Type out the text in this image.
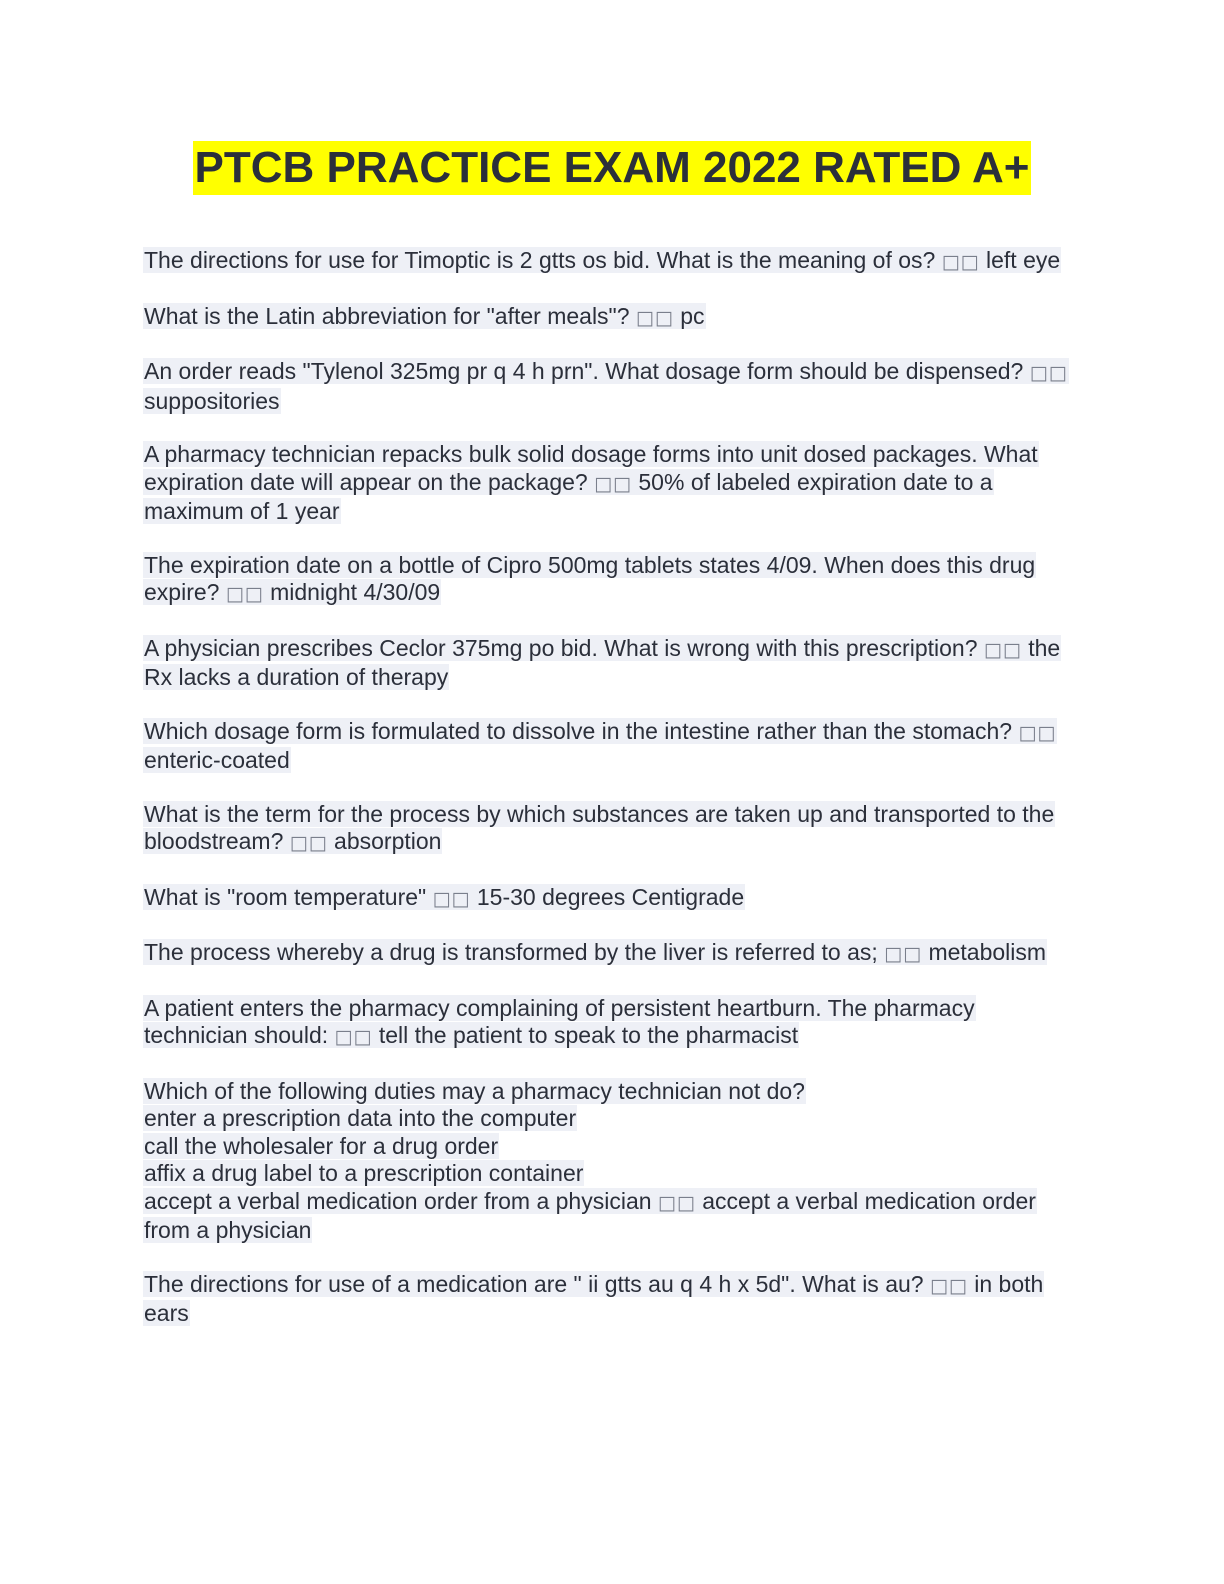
PTCB PRACTICE EXAM 2022 RATED A+
The directions for use for Timoptic is 2 gtts os bid. What is the meaning of os? □□ left eye
What is the Latin abbreviation for "after meals"? □□ pc
An order reads "Tylenol 325mg pr q 4 h prn". What dosage form should be dispensed? □□ suppositories
A pharmacy technician repacks bulk solid dosage forms into unit dosed packages. What expiration date will appear on the package? □□ 50% of labeled expiration date to a maximum of 1 year
The expiration date on a bottle of Cipro 500mg tablets states 4/09. When does this drug expire? □□ midnight 4/30/09
A physician prescribes Ceclor 375mg po bid. What is wrong with this prescription? □□ the Rx lacks a duration of therapy
Which dosage form is formulated to dissolve in the intestine rather than the stomach? □□ enteric-coated
What is the term for the process by which substances are taken up and transported to the bloodstream? □□ absorption
What is "room temperature" □□ 15-30 degrees Centigrade
The process whereby a drug is transformed by the liver is referred to as; □□ metabolism
A patient enters the pharmacy complaining of persistent heartburn. The pharmacy technician should: □□ tell the patient to speak to the pharmacist
Which of the following duties may a pharmacy technician not do?
enter a prescription data into the computer
call the wholesaler for a drug order
affix a drug label to a prescription container
accept a verbal medication order from a physician □□ accept a verbal medication order from a physician
The directions for use of a medication are " ii gtts au q 4 h x 5d". What is au? □□ in both ears
